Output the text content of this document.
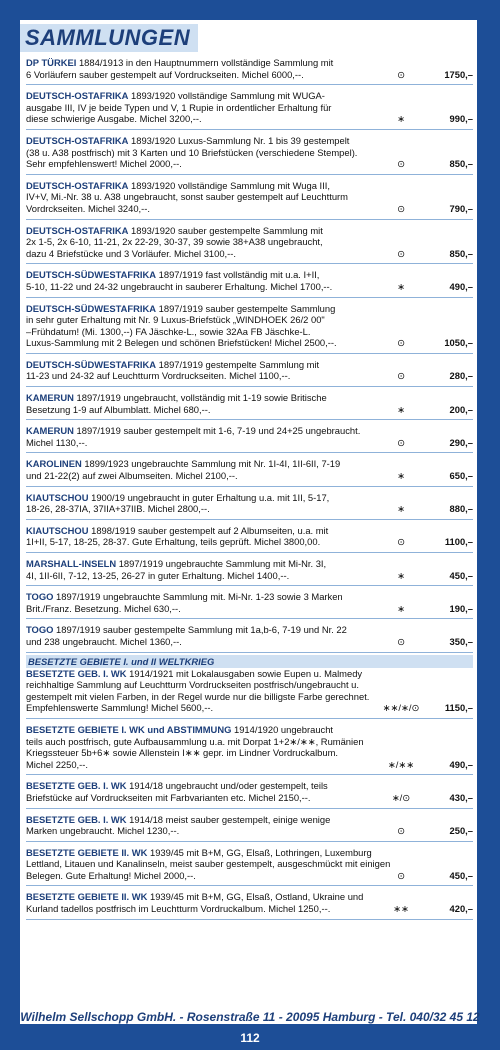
SAMMLUNGEN
DP TÜRKEI 1884/1913 in den Hauptnummern vollständige Sammlung mit
6 Vorläufern sauber gestempelt auf Vordruckseiten. Michel 6000,--.	⊙	1750,–
DEUTSCH-OSTAFRIKA 1893/1920 vollständige Sammlung mit WUGA-
ausgabe III, IV je beide Typen und V, 1 Rupie in ordentlicher Erhaltung für
diese schwierige Ausgabe. Michel 3200,--.	∗	990,–
DEUTSCH-OSTAFRIKA 1893/1920 Luxus-Sammlung Nr. 1 bis 39 gestempelt
(38 u. A38 postfrisch) mit 3 Karten und 10 Briefstücken (verschiedene Stempel).
Sehr empfehlenswert! Michel 2000,--.	⊙	850,–
DEUTSCH-OSTAFRIKA 1893/1920 vollständige Sammlung mit Wuga III,
IV+V, Mi.-Nr. 38 u. A38 ungebraucht, sonst sauber gestempelt auf Leuchtturm
Vordrckseiten. Michel 3240,--.	⊙	790,–
DEUTSCH-OSTAFRIKA 1893/1920 sauber gestempelte Sammlung mit
2x 1-5, 2x 6-10, 11-21, 2x 22-29, 30-37, 39 sowie 38+A38 ungebraucht,
dazu 4 Briefstücke und 3 Vorläufer. Michel 3100,--.	⊙	850,–
DEUTSCH-SÜDWESTAFRIKA 1897/1919 fast vollständig mit u.a. I+II,
5-10, 11-22 und 24-32 ungebraucht in sauberer Erhaltung. Michel 1700,--.	∗	490,–
DEUTSCH-SÜDWESTAFRIKA 1897/1919 sauber gestempelte Sammlung
in sehr guter Erhaltung mit Nr. 9 Luxus-Briefstück „WINDHOEK 26/2 00"
–Frühdatum! (Mi. 1300,--) FA Jäschke-L., sowie 32Aa FB Jäschke-L.
Luxus-Sammlung mit 2 Belegen und schönen Briefstücken! Michel 2500,--.	⊙	1050,–
DEUTSCH-SÜDWESTAFRIKA 1897/1919 gestempelte Sammlung mit
11-23 und 24-32 auf Leuchtturm Vordruckseiten. Michel 1100,--.	⊙	280,–
KAMERUN 1897/1919 ungebraucht, vollständig mit 1-19 sowie Britische
Besetzung 1-9 auf Albumblatt. Michel 680,--.	∗	200,–
KAMERUN 1897/1919 sauber gestempelt mit 1-6, 7-19 und 24+25 ungebraucht.
Michel 1130,--.	⊙	290,–
KAROLINEN 1899/1923 ungebrauchte Sammlung mit Nr. 1I-4I, 1II-6II, 7-19
und 21-22(2) auf zwei Albumseiten. Michel 2100,--.	∗	650,–
KIAUTSCHOU 1900/19 ungebraucht in guter Erhaltung u.a. mit 1II, 5-17,
18-26, 28-37IA, 37IIA+37IIB. Michel 2800,--.	∗	880,–
KIAUTSCHOU 1898/1919 sauber gestempelt auf 2 Albumseiten, u.a. mit
1I+II, 5-17, 18-25, 28-37. Gute Erhaltung, teils geprüft. Michel 3800,00.	⊙	1100,–
MARSHALL-INSELN 1897/1919 ungebrauchte Sammlung mit Mi-Nr. 3I,
4I, 1II-6II, 7-12, 13-25, 26-27 in guter Erhaltung. Michel 1400,--.	∗	450,–
TOGO 1897/1919 ungebrauchte Sammlung mit. Mi-Nr. 1-23 sowie 3 Marken
Brit./Franz. Besetzung. Michel 630,--.	∗	190,–
TOGO 1897/1919 sauber gestempelte Sammlung mit 1a,b-6, 7-19 und Nr. 22
und 238 ungebraucht. Michel 1360,--.	⊙	350,–
BESETZTE GEBIETE I. und II WELTKRIEG
BESETZTE GEB. I. WK 1914/1921 mit Lokalausgaben sowie Eupen u. Malmedy
reichhaltige Sammlung auf Leuchtturm Vordruckseiten postfrisch/ungebraucht u.
gestempelt mit vielen Farben, in der Regel wurde nur die billigste Farbe gerechnet.
Empfehlenswerte Sammlung! Michel 5600,--.	∗∗/∗/⊙	1150,–
BESETZTE GEBIETE I. WK und ABSTIMMUNG 1914/1920 ungebraucht
teils auch postfrisch, gute Aufbausammlung u.a. mit Dorpat 1+2∗/∗∗, Rumänien
Kriegssteuer 5b+6∗ sowie Allenstein I∗∗ gepr. im Lindner Vordruckalbum.
Michel 2250,--.	∗/∗∗	490,–
BESETZTE GEB. I. WK 1914/18 ungebraucht und/oder gestempelt, teils
Briefstücke auf Vordruckseiten mit Farbvarianten etc. Michel 2150,--.	∗/⊙	430,–
BESETZTE GEB. I. WK 1914/18 meist sauber gestempelt, einige wenige
Marken ungebraucht. Michel 1230,--.	⊙	250,–
BESETZTE GEBIETE II. WK 1939/45 mit B+M, GG, Elsaß, Lothringen, Luxemburg
Lettland, Litauen und Kanalinseln, meist sauber gestempelt, ausgeschmückt mit einigen
Belegen. Gute Erhaltung! Michel 2000,--.	⊙	450,–
BESETZTE GEBIETE II. WK 1939/45 mit B+M, GG, Elsaß, Ostland, Ukraine und
Kurland tadellos postfrisch im Leuchtturm Vordruckalbum. Michel 1250,--.	∗∗	420,–
Wilhelm Sellschopp GmbH. - Rosenstraße 11 - 20095 Hamburg - Tel. 040/32 45 12
112
